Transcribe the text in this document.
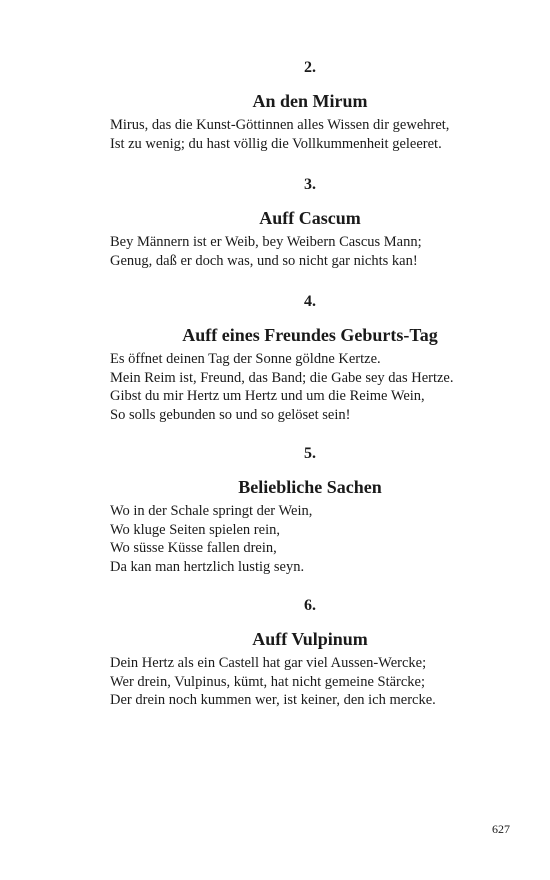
2.
An den Mirum
Mirus, das die Kunst-Göttinnen alles Wissen dir gewehret,
Ist zu wenig; du hast völlig die Vollkummenheit geleeret.
3.
Auff Cascum
Bey Männern ist er Weib, bey Weibern Cascus Mann;
Genug, daß er doch was, und so nicht gar nichts kan!
4.
Auff eines Freundes Geburts-Tag
Es öffnet deinen Tag der Sonne göldne Kertze.
Mein Reim ist, Freund, das Band; die Gabe sey das Hertze.
Gibst du mir Hertz um Hertz und um die Reime Wein,
So solls gebunden so und so gelöset sein!
5.
Beliebliche Sachen
Wo in der Schale springt der Wein,
Wo kluge Seiten spielen rein,
Wo süsse Küsse fallen drein,
Da kan man hertzlich lustig seyn.
6.
Auff Vulpinum
Dein Hertz als ein Castell hat gar viel Aussen-Wercke;
Wer drein, Vulpinus, kümt, hat nicht gemeine Stärcke;
Der drein noch kummen wer, ist keiner, den ich mercke.
627
